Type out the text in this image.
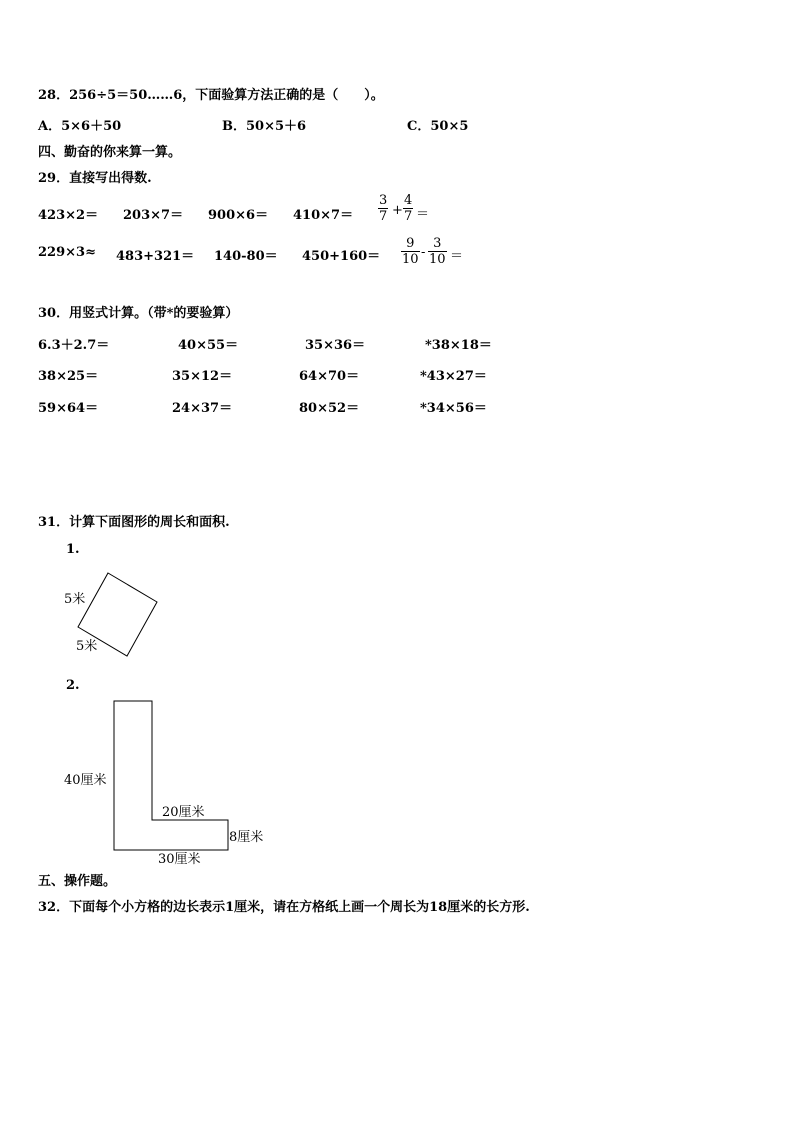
28．256÷5＝50……6，下面验算方法正确的是（　　）。
A．5×6＋50	B．50×5＋6	C．50×5
四、勤奋的你来算一算。
29．直接写出得数.
423×2＝ 203×7＝ 900×6＝ 410×7＝
3
7 +
4
7 ＝
229×3≈ 483+321＝ 140-80＝ 450+160＝
9
10 -
3
10 ＝
30．用竖式计算。（带*的要验算）
6.3＋2.7＝	40×55＝	35×36＝	*38×18＝
38×25＝	35×12＝	64×70＝	*43×27＝
59×64＝	24×37＝	80×52＝	*34×56＝
31．计算下面图形的周长和面积.
1.
5米
5米
2.
40厘米
20厘米
8厘米
30厘米
五、操作题。
32．下面每个小方格的边长表示1厘米，请在方格纸上画一个周长为18厘米的长方形.
